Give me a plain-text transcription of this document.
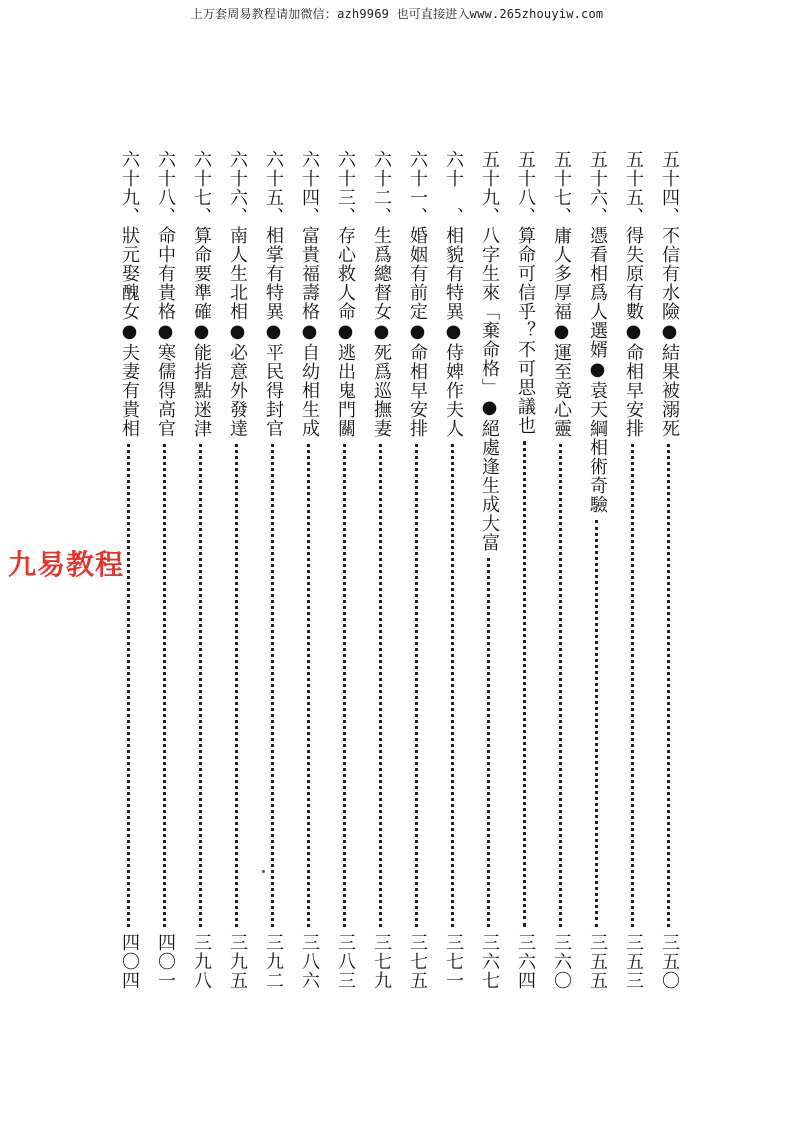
上万套周易教程请加微信：azh9969 也可直接进入www.265zhouyiw.com
九易教程
五十四、不信有水險●結果被溺死
三五〇
五十五、得失原有數●命相早安排
三五三
五十六、憑看相爲人選婿●袁天綱相術奇驗
三五五
五十七、庸人多厚福●運至竟心靈
三六〇
五十八、算命可信乎？不可思議也
三六四
五十九、八字生來「棄命格」●絕處逢生成大富
三六七
六十　、相貌有特異●侍婢作夫人
三七一
六十一、婚姻有前定●命相早安排
三七五
六十二、生爲總督女●死爲巡撫妻
三七九
六十三、存心救人命●逃出鬼門關
三八三
六十四、富貴福壽格●自幼相生成
三八六
六十五、相掌有特異●平民得封官
三九二
六十六、南人生北相●必意外發達
三九五
六十七、算命要準確●能指點迷津
三九八
六十八、命中有貴格●寒儒得高官
四〇一
六十九、狀元娶醜女●夫妻有貴相
四〇四
